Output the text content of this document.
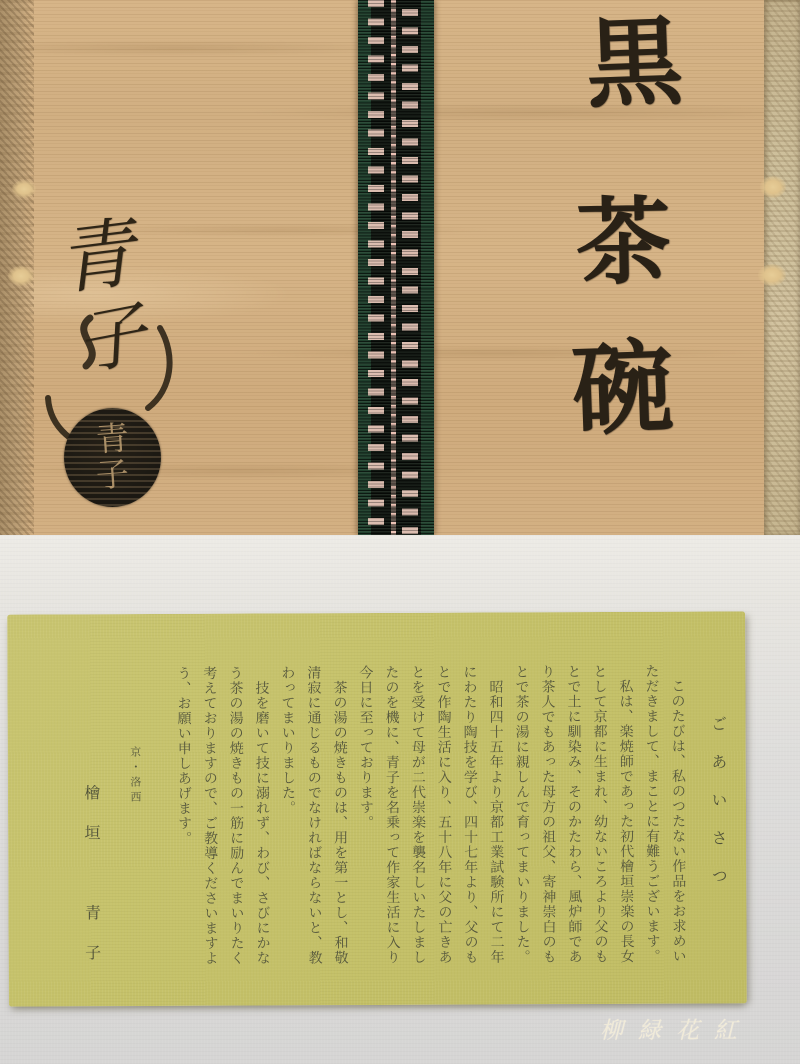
黒
茶
碗
青
子
青
子
ごあいさつ
このたびは、私のつたない作品をお求めい
ただきまして、まことに有難うございます。
私は、楽焼師であった初代檜垣崇楽の長女
として京都に生まれ、幼ないころより父のも
とで土に馴染み、そのかたわら、風炉師であ
り茶人でもあった母方の祖父、寄神崇白のも
とで茶の湯に親しんで育ってまいりました。
昭和四十五年より京都工業試験所にて二年
にわたり陶技を学び、四十七年より、父のも
とで作陶生活に入り、五十八年に父の亡きあ
とを受けて母が二代崇楽を襲名しいたしまし
たのを機に、青子を名乗って作家生活に入り
今日に至っております。
茶の湯の焼きものは、用を第一とし、和敬
清寂に通じるものでなければならないと、教
わってまいりました。
技を磨いて技に溺れず、わび、さびにかな
う茶の湯の焼きもの一筋に励んでまいりたく
考えておりますので、ご教導くださいますよ
う、お願い申しあげます。
京・洛西
檜垣　青子
柳緑花紅
